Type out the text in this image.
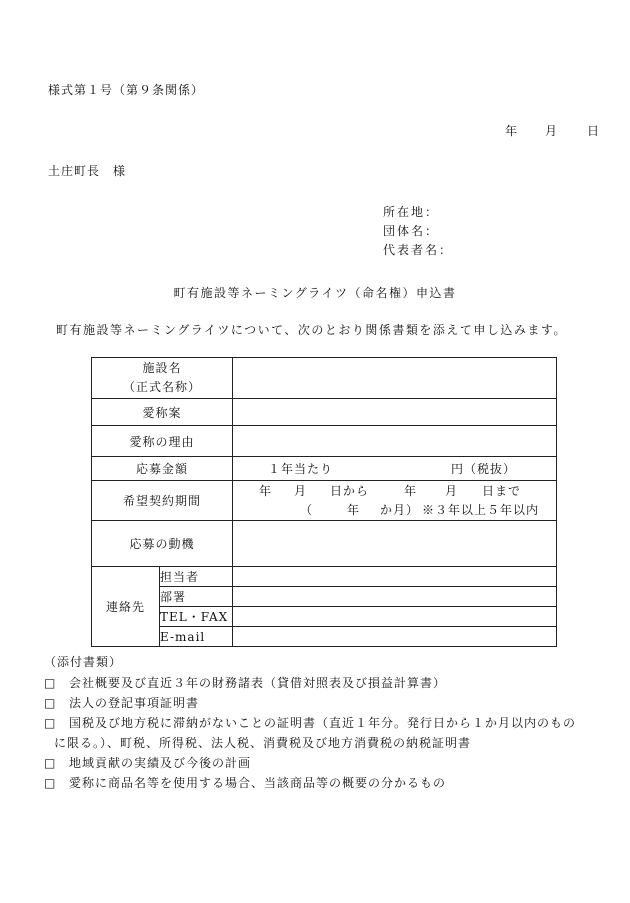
様式第１号（第９条関係）
年 月 日
土庄町長　様
所在地：
団体名：
代表者名：
町有施設等ネーミングライツ（命名権）申込書
町有施設等ネーミングライツについて、次のとおり関係書類を添えて申し込みます。
施設名
（正式名称）		

愛称案		
愛称の理由		
応募金額		１年当たり 円（税抜）

希望契約期間		年 月 日から 年 月 日まで
（ 年 か月） ※３年以上５年以内

応募の動機		
連絡先	担当者	
	部署	
	TEL・FAX	
	E-mail	
（添付書類）
□	会社概要及び直近３年の財務諸表（貸借対照表及び損益計算書）
□	法人の登記事項証明書
□	国税及び地方税に滞納がないことの証明書（直近１年分。発行日から１か月以内のもの
に限る。）、町税、所得税、法人税、消費税及び地方消費税の納税証明書
□	地域貢献の実績及び今後の計画
□	愛称に商品名等を使用する場合、当該商品等の概要の分かるもの
